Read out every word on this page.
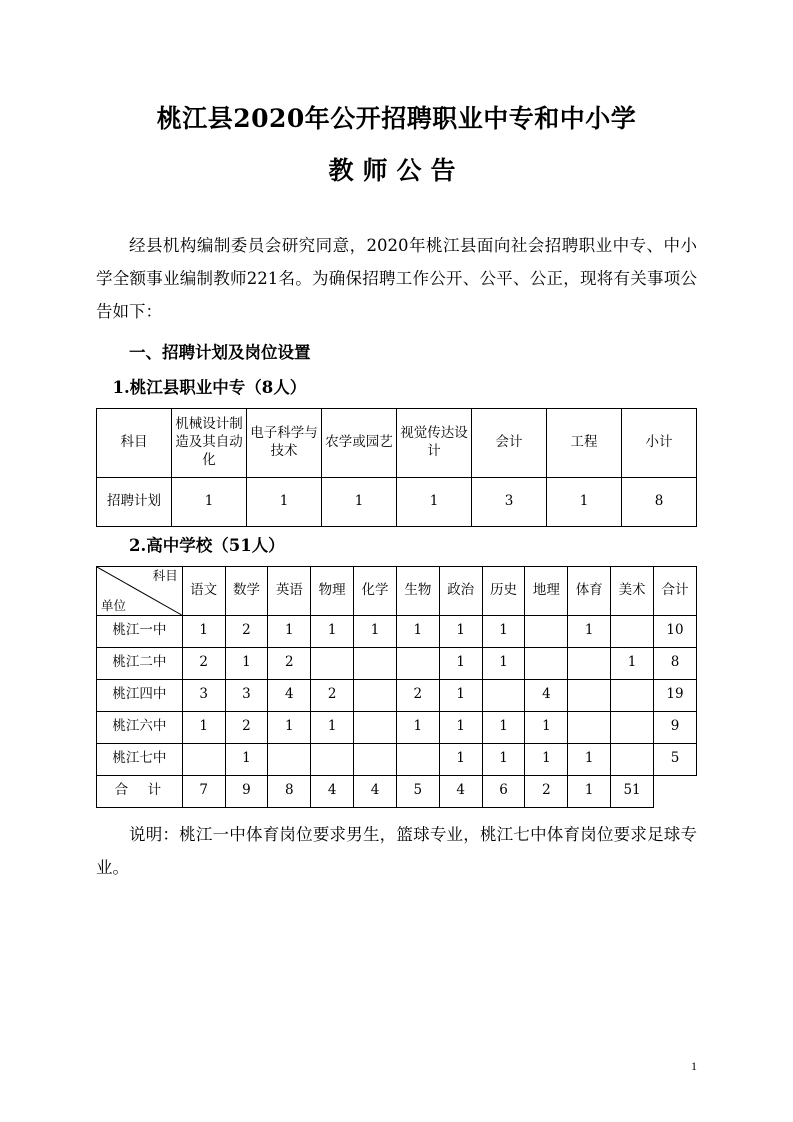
桃江县2020年公开招聘职业中专和中小学
教师公告

经县机构编制委员会研究同意，2020年桃江县面向社会招聘职业中专、中小学全额事业编制教师221名。为确保招聘工作公开、公平、公正，现将有关事项公告如下：

一、招聘计划及岗位设置

1.桃江县职业中专（8人）

科目	机械设计制造及其自动化	电子科学与技术	农学或园艺	视觉传达设计	会计	工程	小计
招聘计划	1	1	1	1	3	1	8

2.高中学校（51人）

科目
单位	语文	数学	英语	物理	化学	生物	政治	历史	地理	体育	美术	合计
桃江一中	1	2	1	1	1	1	1	1		1		10
桃江二中	2	1	2				1	1			1	8
桃江四中	3	3	4	2		2	1		4			19
桃江六中	1	2	1	1		1	1	1	1			9
桃江七中		1					1	1	1	1		5
合　计	7	9	8	4	4	5	4	6	2	1	51	

说明：桃江一中体育岗位要求男生，篮球专业，桃江七中体育岗位要求足球专业。

1
